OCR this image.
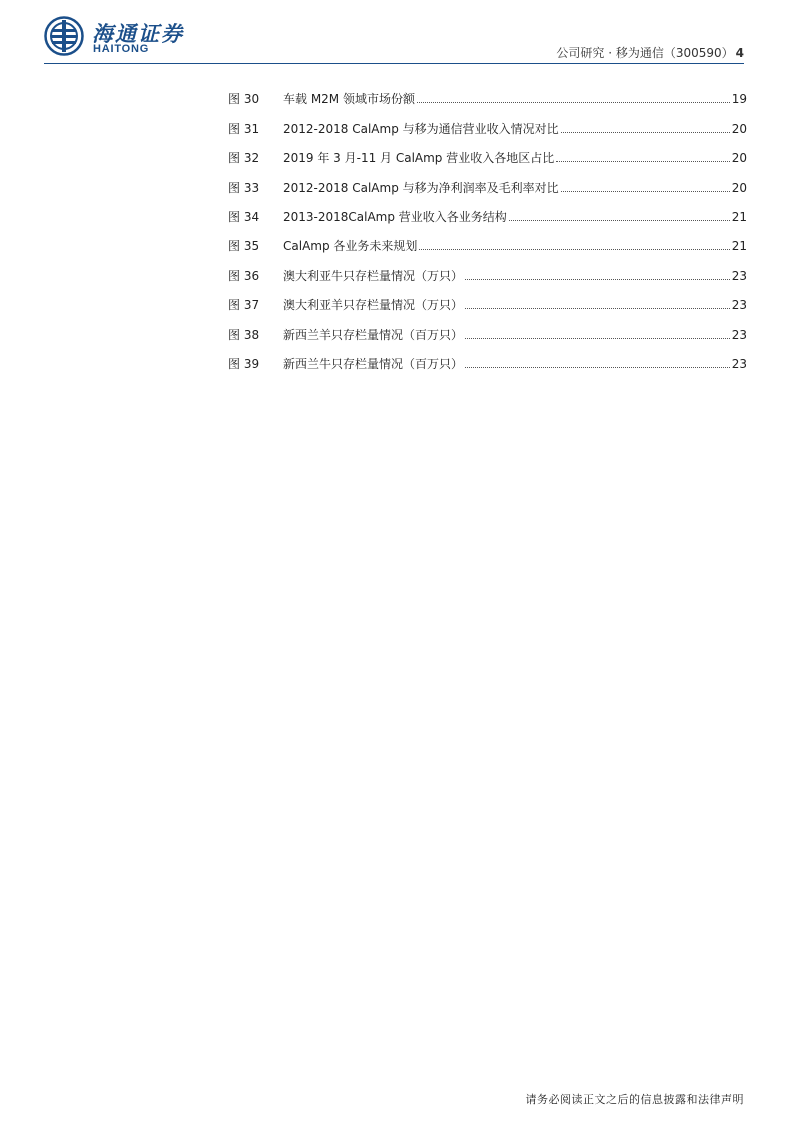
海通证券
HAITONG	公司研究 · 移为通信（300590） 4
图 30	车载 M2M 领域市场份额	19
图 31	2012-2018 CalAmp 与移为通信营业收入情况对比	20
图 32	2019 年 3 月-11 月 CalAmp 营业收入各地区占比	20
图 33	2012-2018 CalAmp 与移为净利润率及毛利率对比	20
图 34	2013-2018CalAmp 营业收入各业务结构	21
图 35	CalAmp 各业务未来规划	21
图 36	澳大利亚牛只存栏量情况（万只）	23
图 37	澳大利亚羊只存栏量情况（万只）	23
图 38	新西兰羊只存栏量情况（百万只）	23
图 39	新西兰牛只存栏量情况（百万只）	23
请务必阅读正文之后的信息披露和法律声明
